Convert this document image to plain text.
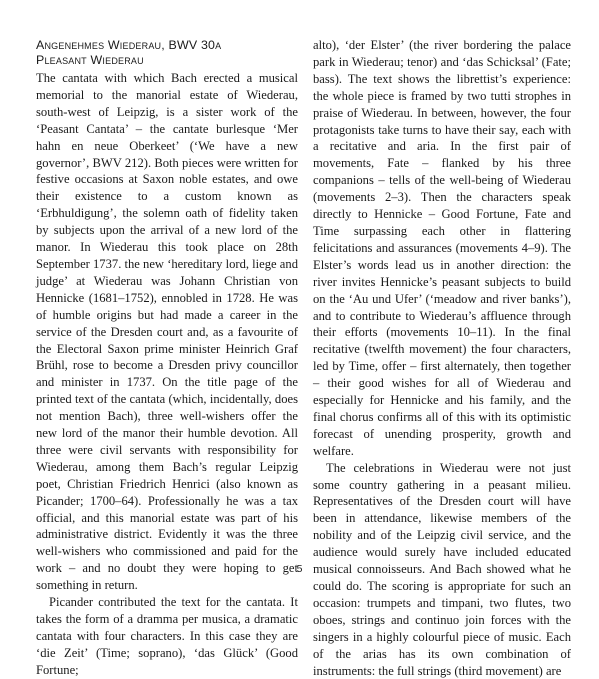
Angenehmes Wiederau, BWV 30a
Pleasant Wiederau

The cantata with which Bach erected a musical memorial to the manorial estate of Wiederau, south-west of Leipzig, is a sister work of the ‘Peasant Cantata’ – the cantate burlesque ‘Mer hahn en neue Oberkeet’ (‘We have a new governor’, BWV 212). Both pieces were written for festive occasions at Saxon noble estates, and owe their existence to a custom known as ‘Erbhuldigung’, the solemn oath of fidelity taken by subjects upon the arrival of a new lord of the manor. In Wiederau this took place on 28th September 1737. the new ‘hereditary lord, liege and judge’ at Wiederau was Johann Christian von Hennicke (1681–1752), ennobled in 1728. He was of humble origins but had made a career in the service of the Dresden court and, as a favourite of the Electoral Saxon prime minister Heinrich Graf Brühl, rose to become a Dresden privy councillor and minister in 1737. On the title page of the printed text of the cantata (which, incidentally, does not mention Bach), three well-wishers offer the new lord of the manor their humble devotion. All three were civil servants with responsibility for Wiederau, among them Bach’s regular Leipzig poet, Christian Friedrich Henrici (also known as Picander; 1700–64). Professionally he was a tax official, and this manorial estate was part of his administrative district. Evidently it was the three well-wishers who commissioned and paid for the work – and no doubt they were hoping to get something in return.

Picander contributed the text for the cantata. It takes the form of a dramma per musica, a dramatic cantata with four characters. In this case they are ‘die Zeit’ (Time; soprano), ‘das Glück’ (Good Fortune;

alto), ‘der Elster’ (the river bordering the palace park in Wiederau; tenor) and ‘das Schicksal’ (Fate; bass). The text shows the librettist’s experience: the whole piece is framed by two tutti strophes in praise of Wiederau. In between, however, the four protagonists take turns to have their say, each with a recitative and aria. In the first pair of movements, Fate – flanked by his three companions – tells of the well-being of Wiederau (movements 2–3). Then the characters speak directly to Hennicke – Good Fortune, Fate and Time surpassing each other in flattering felicitations and assurances (movements 4–9). The Elster’s words lead us in another direction: the river invites Hennicke’s peasant subjects to build on the ‘Au und Ufer’ (‘meadow and river banks’), and to contribute to Wiederau’s affluence through their efforts (movements 10–11). In the final recitative (twelfth movement) the four characters, led by Time, offer – first alternately, then together – their good wishes for all of Wiederau and especially for Hennicke and his family, and the final chorus confirms all of this with its optimistic forecast of unending prosperity, growth and welfare.

The celebrations in Wiederau were not just some country gathering in a peasant milieu. Representatives of the Dresden court will have been in attendance, likewise members of the nobility and of the Leipzig civil service, and the audience would surely have included educated musical connoisseurs. And Bach showed what he could do. The scoring is appropriate for such an occasion: trumpets and timpani, two flutes, two oboes, strings and continuo join forces with the singers in a highly colourful piece of music. Each of the arias has its own combination of instruments: the full strings (third movement) are

5
